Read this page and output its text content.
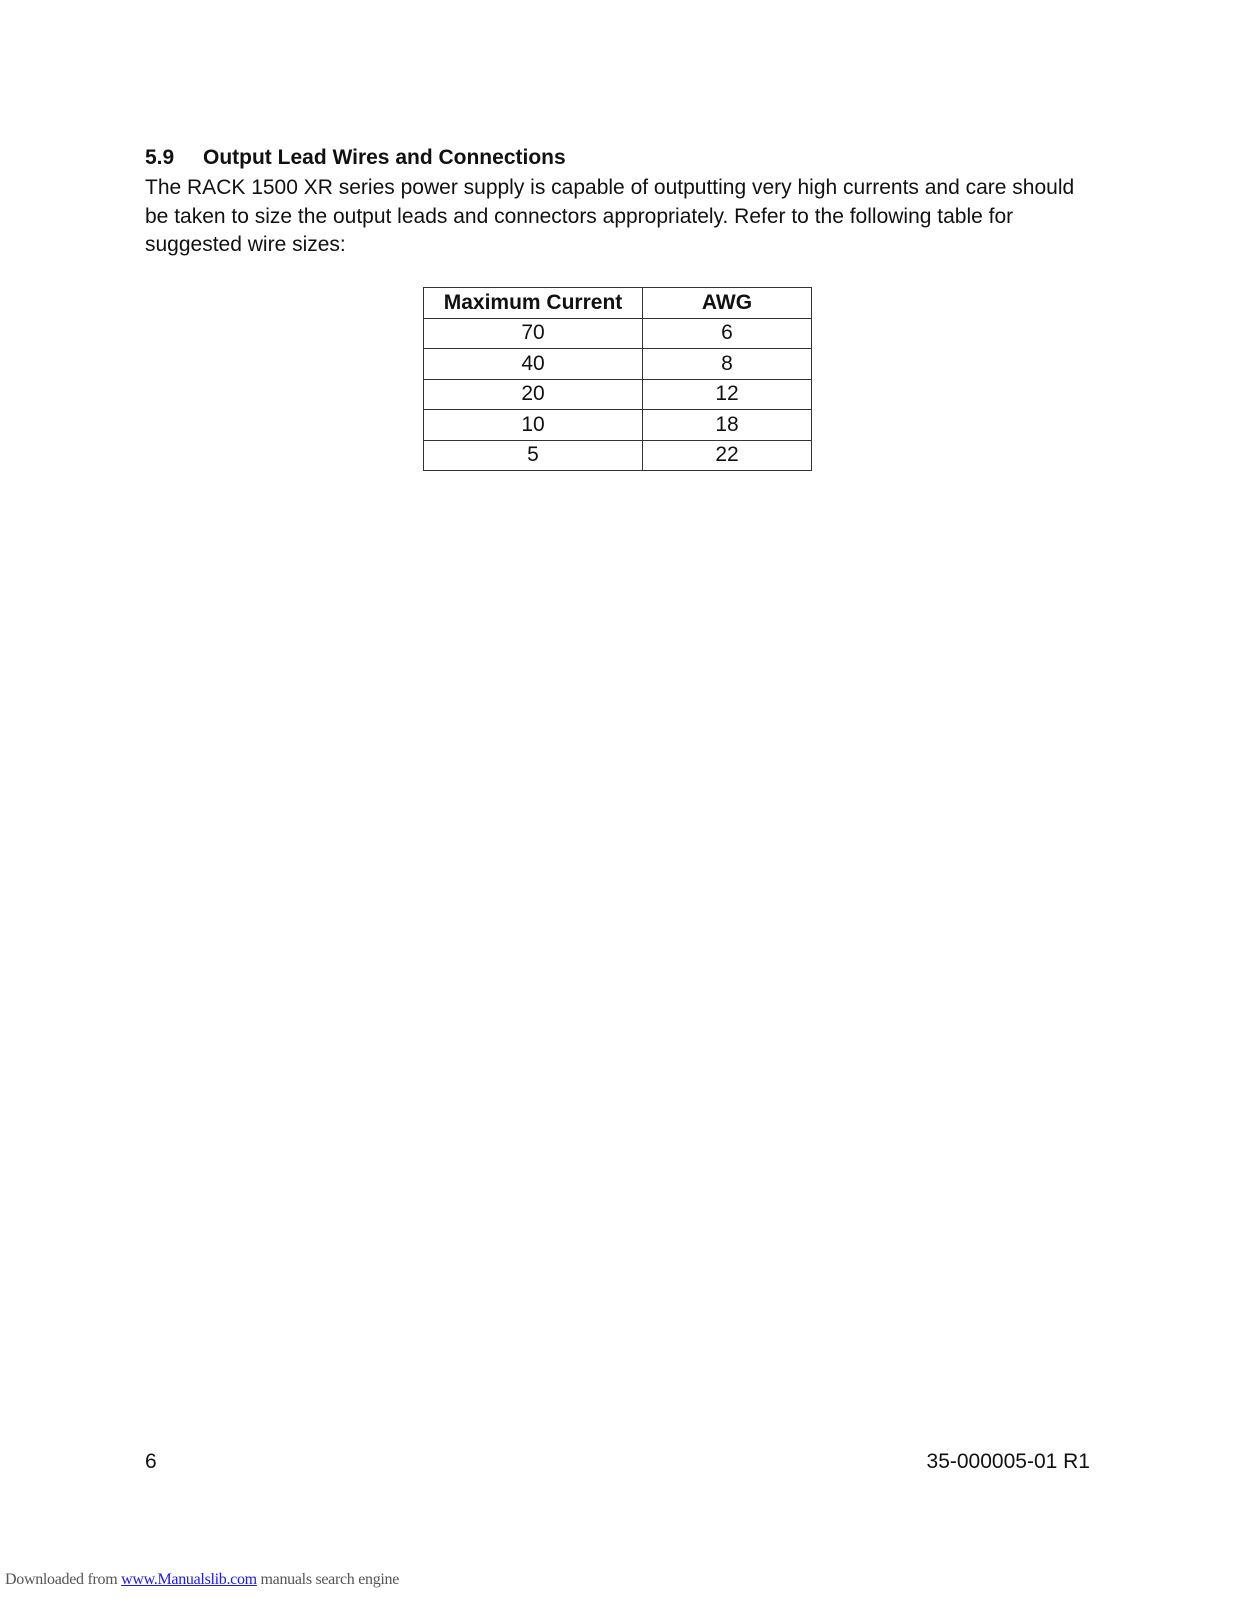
5.9 Output Lead Wires and Connections

The RACK 1500 XR series power supply is capable of outputting very high currents and care should be taken to size the output leads and connectors appropriately. Refer to the following table for suggested wire sizes:

Maximum Current	AWG
70	6
40	8
20	12
10	18
5	22
6	35-000005-01 R1
Downloaded from www.Manualslib.com manuals search engine
